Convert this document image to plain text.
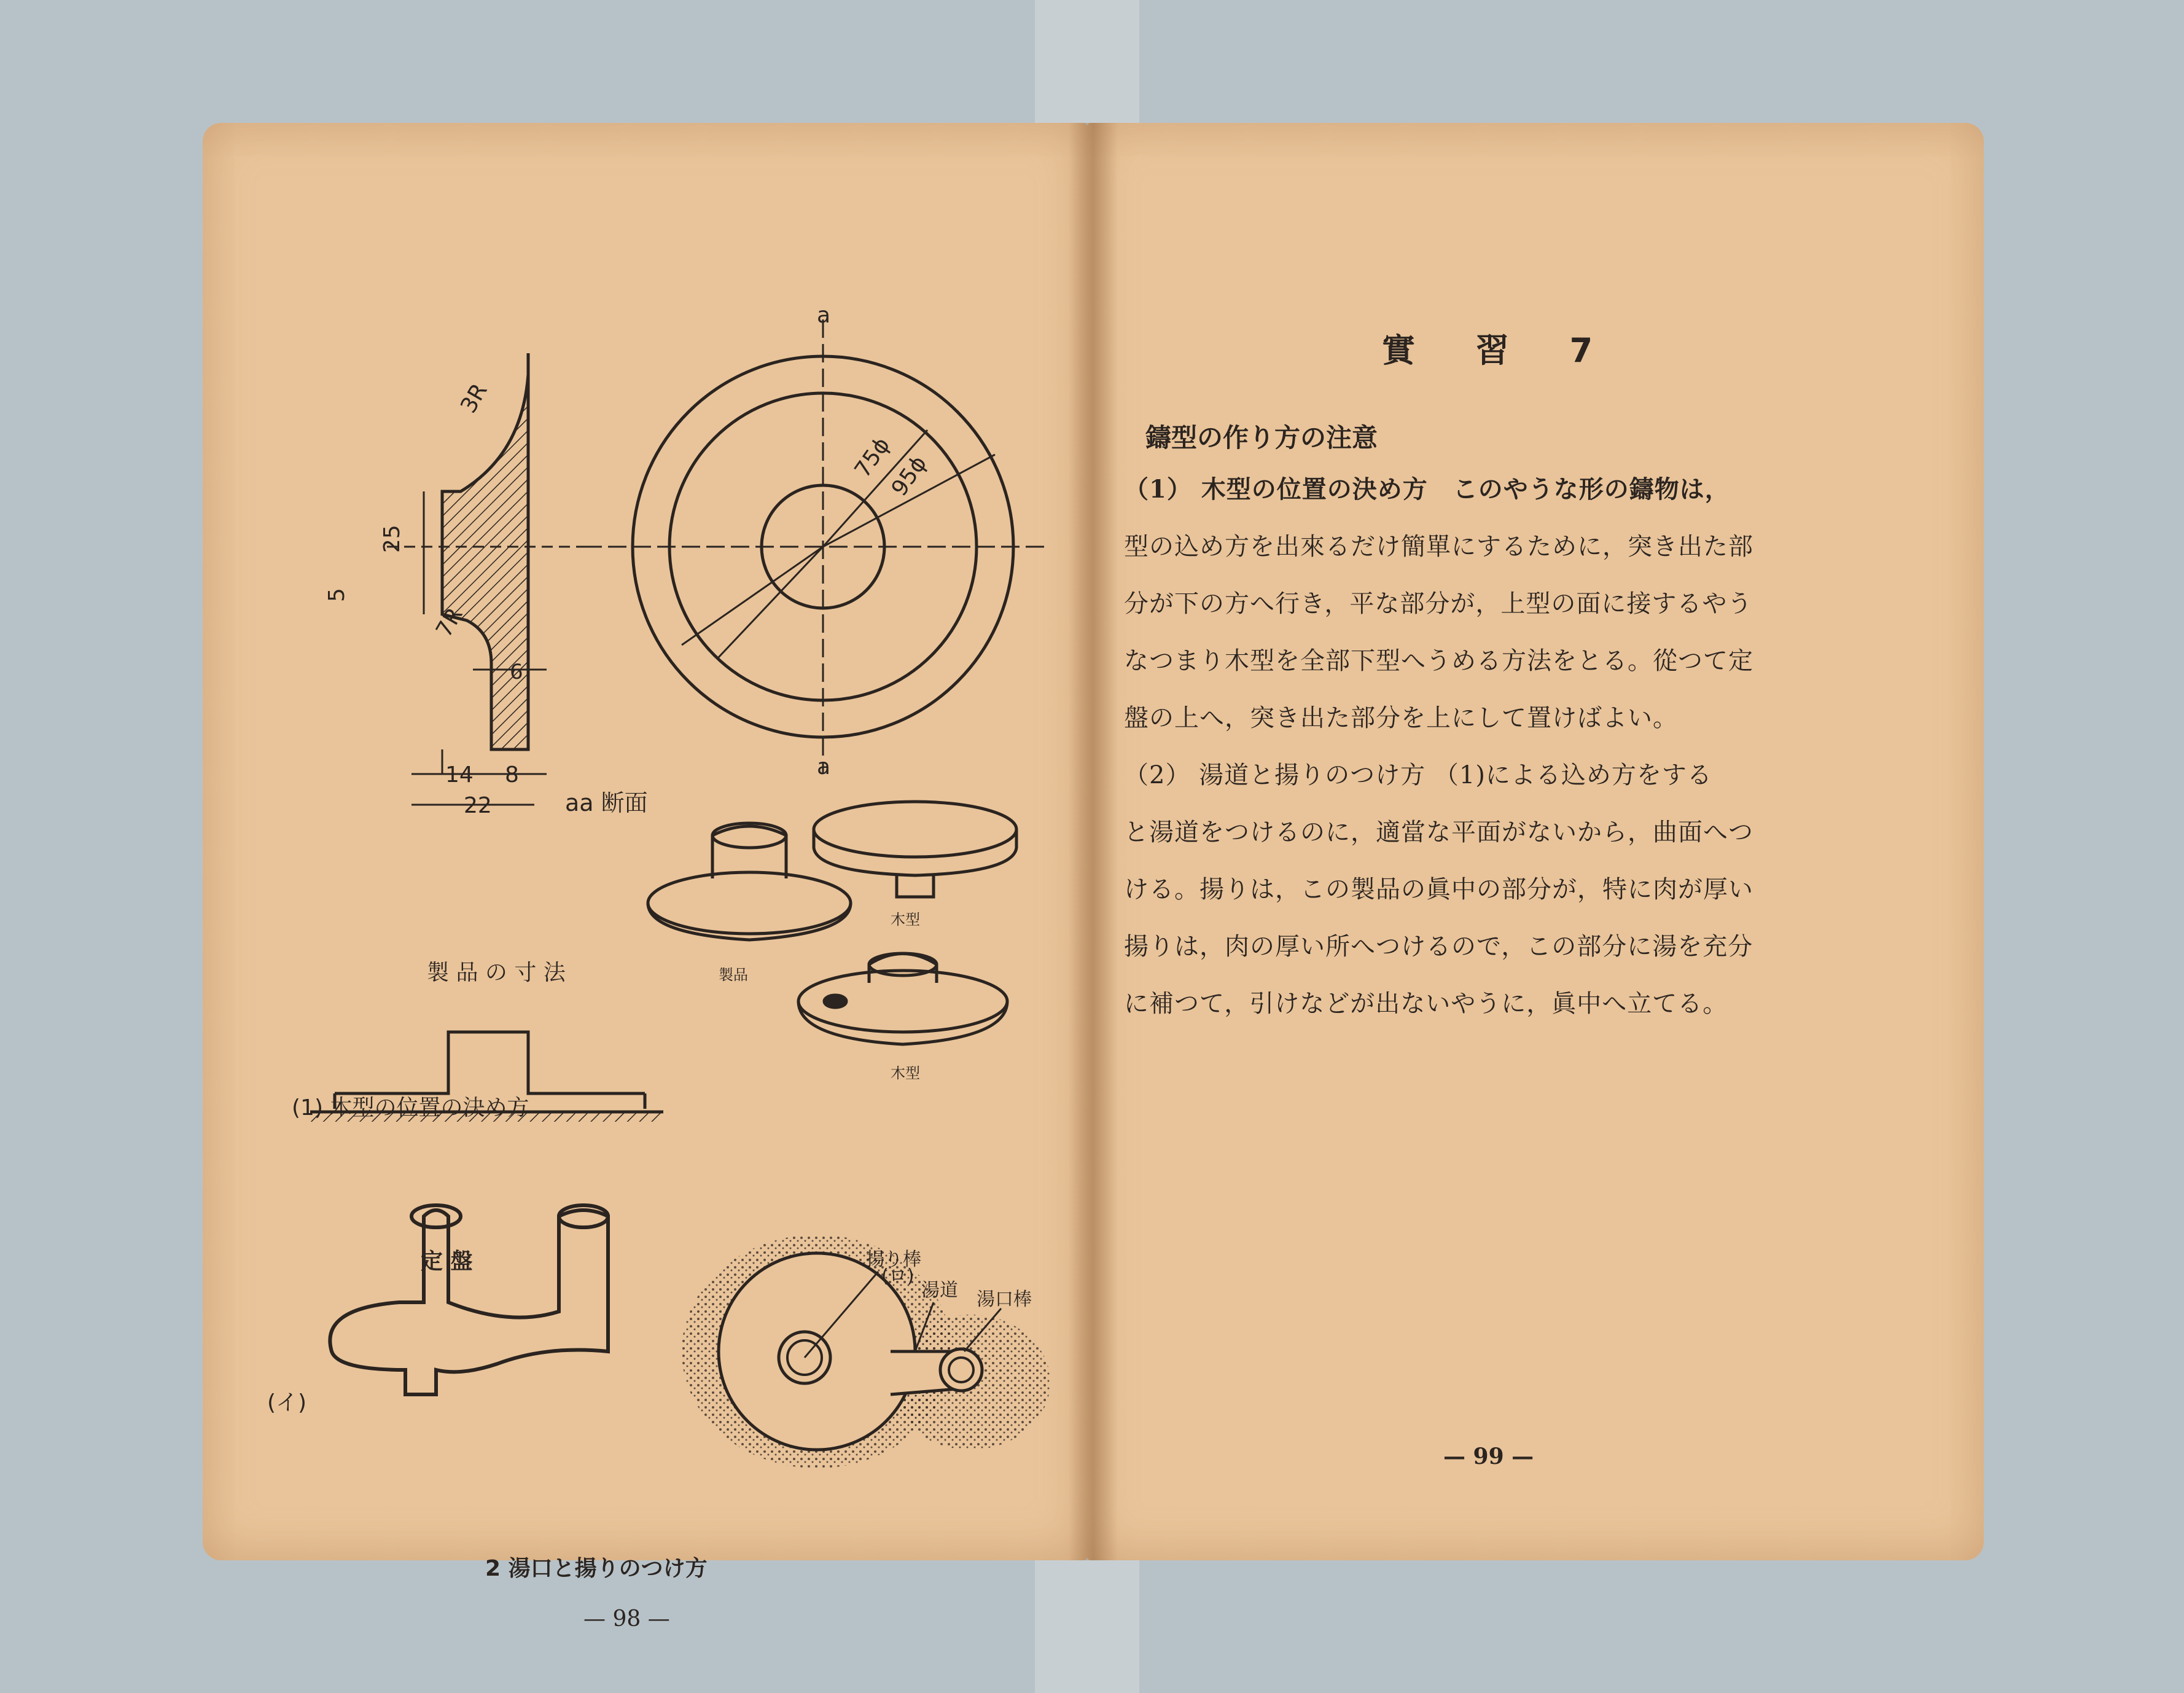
3R
25
5
7R
6
14 8
22	aa 断面
a
a
75ϕ
95ϕ
木型
製品
木型
揚り棒
湯道 湯口棒
製 品 の 寸 法
(1) 木型の位置の決め方
定 盤
(ロ)
(イ)
2 湯口と揚りのつけ方
— 98 —
實 習 7
鑄型の作り方の注意
（1） 木型の位置の決め方　このやうな形の鑄物は，
型の込め方を出來るだけ簡單にするために，突き出た部
分が下の方へ行き，平な部分が，上型の面に接するやう
なつまり木型を全部下型へうめる方法をとる。從つて定
盤の上へ，突き出た部分を上にして置けばよい。
（2） 湯道と揚りのつけ方 （1)による込め方をする
と湯道をつけるのに，適當な平面がないから，曲面へつ
ける。揚りは，この製品の眞中の部分が，特に肉が厚い
揚りは，肉の厚い所へつけるので，この部分に湯を充分
に補つて，引けなどが出ないやうに，眞中へ立てる。
— 99 —
